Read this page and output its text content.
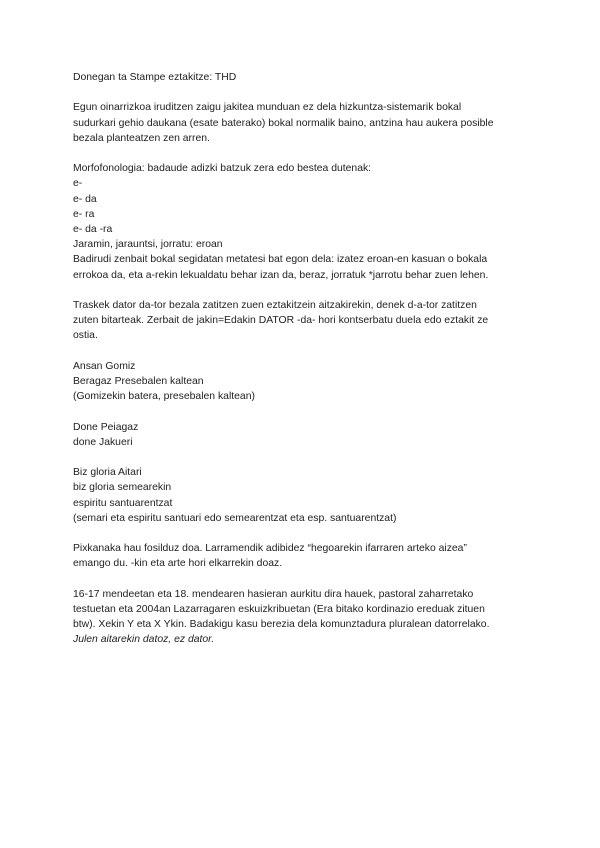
Donegan ta Stampe eztakitze: THD
Egun oinarrizkoa iruditzen zaigu jakitea munduan ez dela hizkuntza-sistemarik bokal
sudurkari gehio daukana (esate baterako) bokal normalik baino, antzina hau aukera posible
bezala planteatzen zen arren.
Morfofonologia: badaude adizki batzuk zera edo bestea dutenak:
e-
e- da
e- ra
e- da -ra
Jaramin, jarauntsi, jorratu: eroan
Badirudi zenbait bokal segidatan metatesi bat egon dela: izatez eroan-en kasuan o bokala
errokoa da, eta a-rekin lekualdatu behar izan da, beraz, jorratuk *jarrotu behar zuen lehen.
Traskek dator da-tor bezala zatitzen zuen eztakitzein aitzakirekin, denek d-a-tor zatitzen
zuten bitarteak. Zerbait de jakin=Edakin DATOR -da- hori kontserbatu duela edo eztakit ze
ostia.
Ansan Gomiz
Beragaz Presebalen kaltean
(Gomizekin batera, presebalen kaltean)
Done Peiagaz
done Jakueri
Biz gloria Aitari
biz gloria semearekin
espiritu santuarentzat
(semari eta espiritu santuari edo semearentzat eta esp. santuarentzat)
Pixkanaka hau fosilduz doa. Larramendik adibidez “hegoarekin ifarraren arteko aizea”
emango du. -kin eta arte hori elkarrekin doaz.
16-17 mendeetan eta 18. mendearen hasieran aurkitu dira hauek, pastoral zaharretako
testuetan eta 2004an Lazarragaren eskuizkribuetan (Era bitako kordinazio ereduak zituen
btw). Xekin Y eta X Ykin. Badakigu kasu berezia dela komunztadura pluralean datorrelako.
Julen aitarekin datoz, ez dator.
